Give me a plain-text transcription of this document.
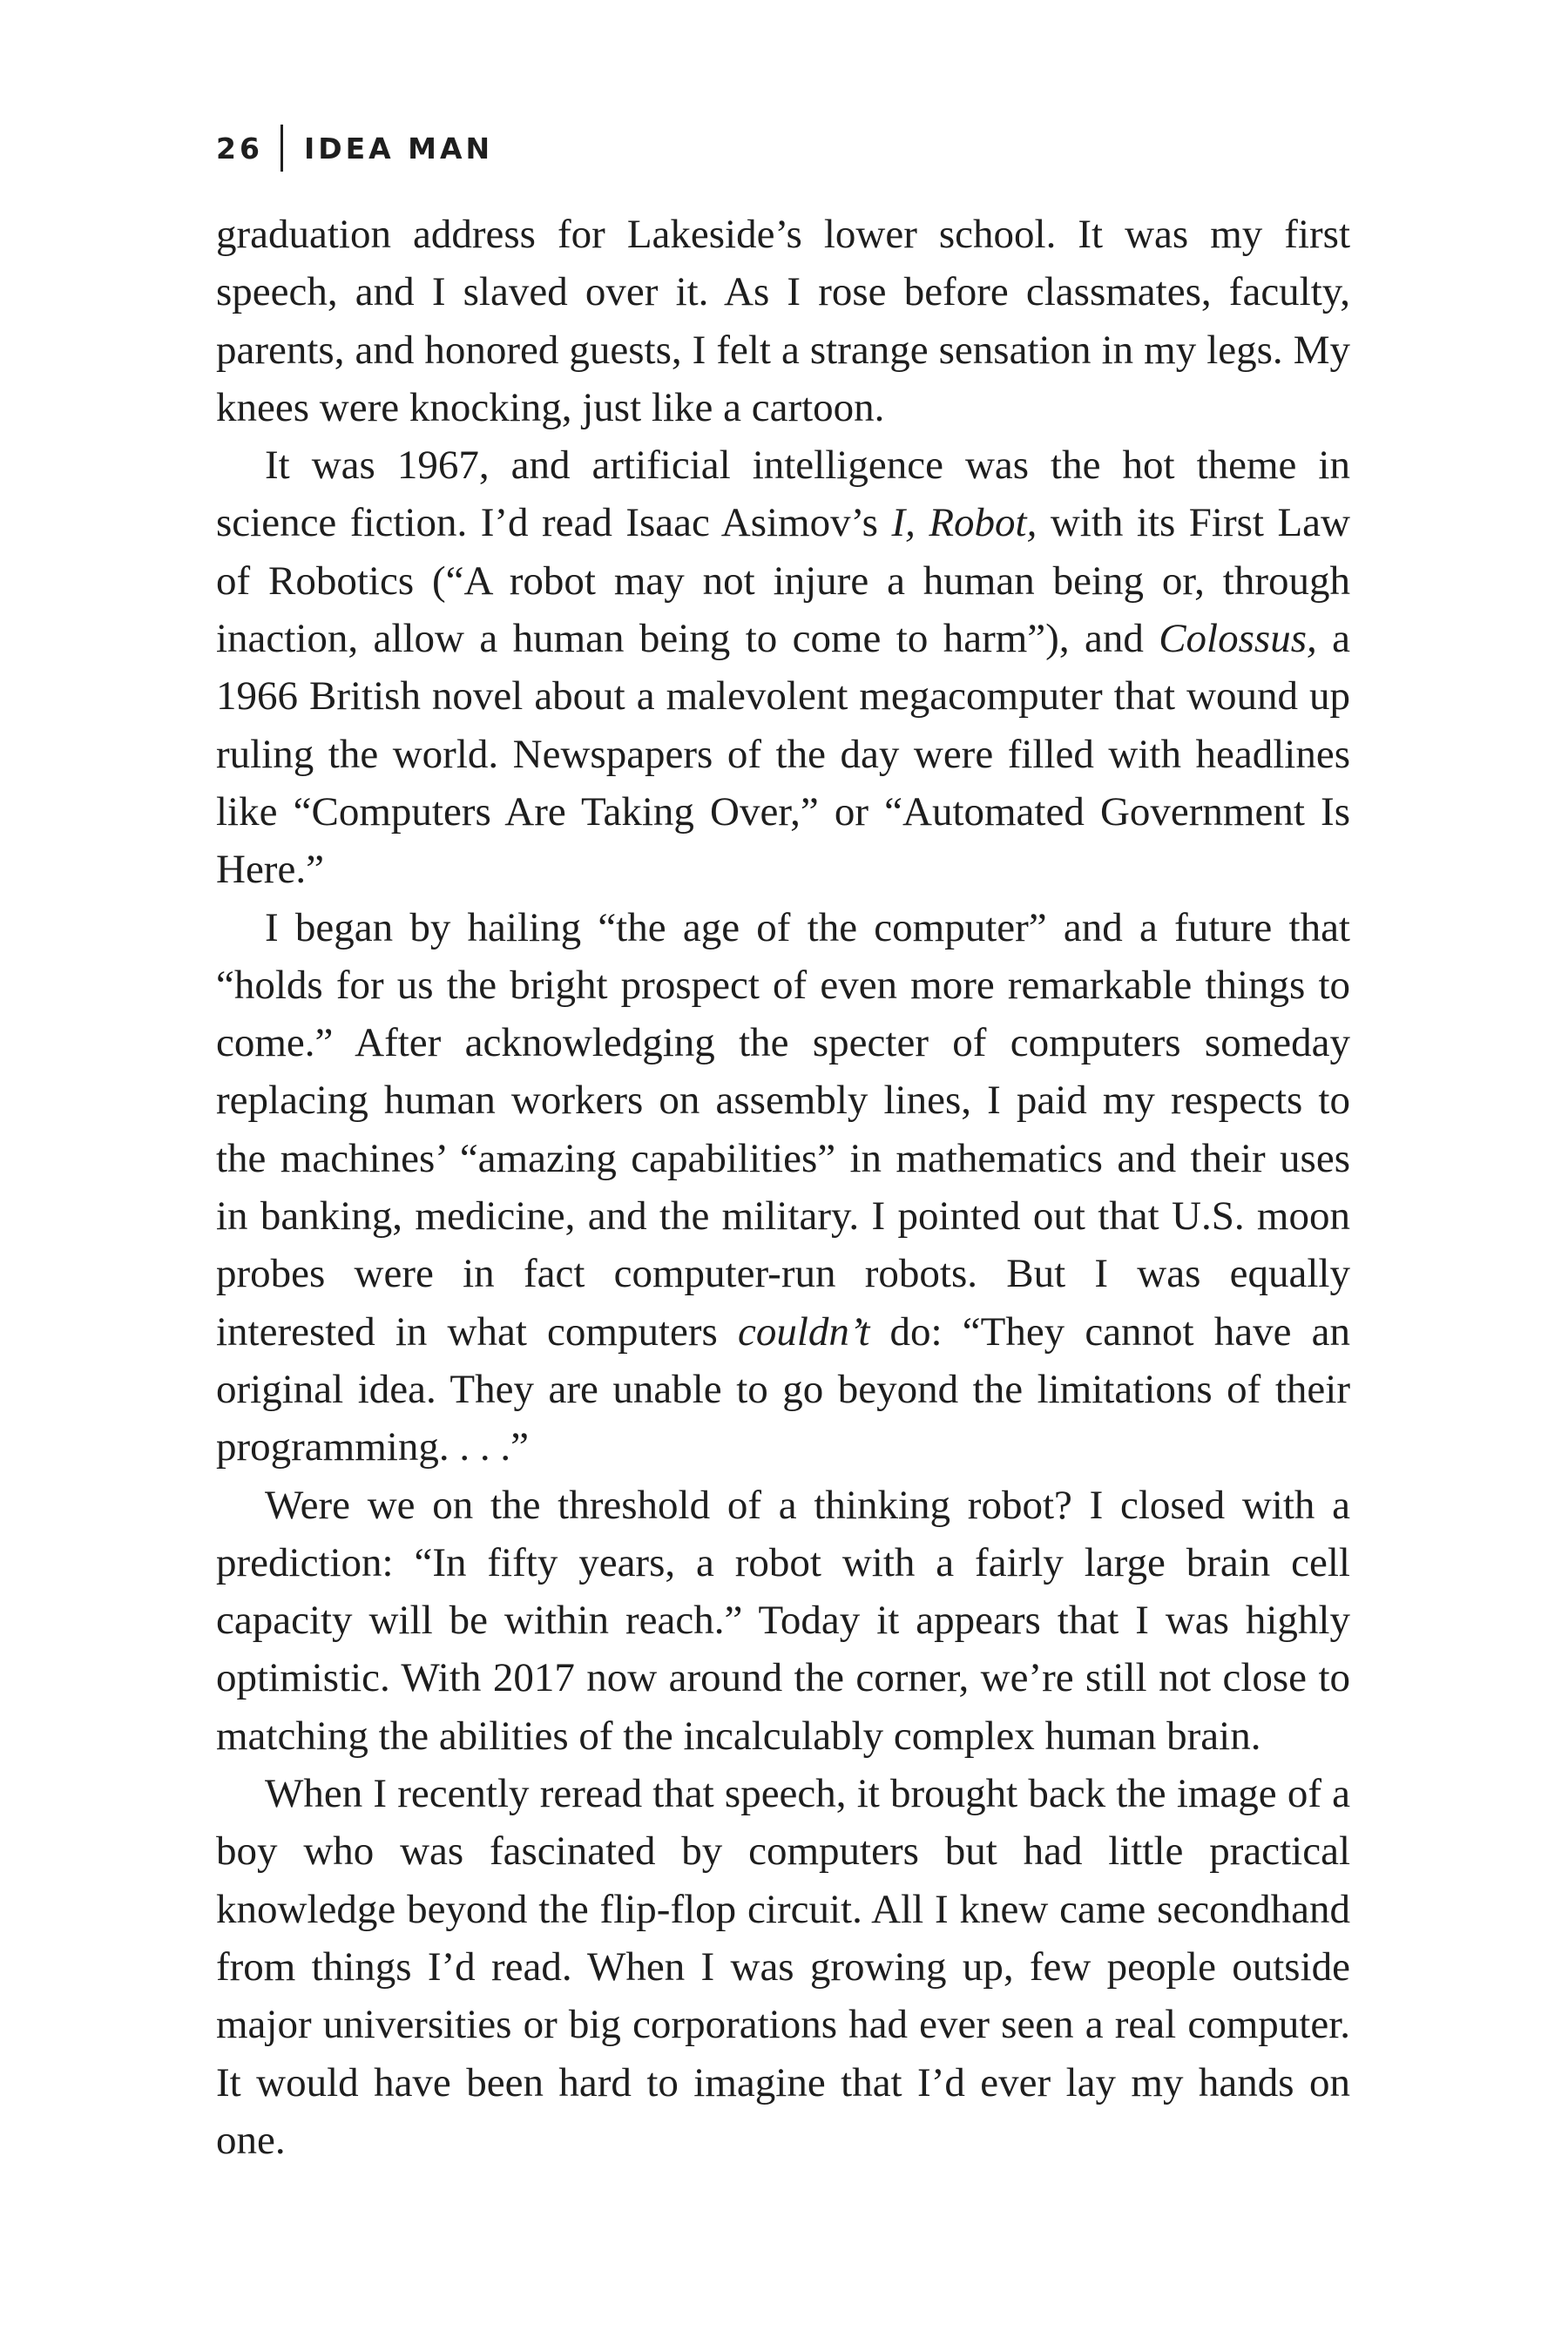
26 IDEA MAN

graduation address for Lakeside’s lower school. It was my first speech, and I slaved over it. As I rose before classmates, faculty, parents, and honored guests, I felt a strange sensation in my legs. My knees were knocking, just like a cartoon.

It was 1967, and artificial intelligence was the hot theme in science fiction. I’d read Isaac Asimov’s I, Robot, with its First Law of Robotics (“A robot may not injure a human being or, through inaction, allow a human being to come to harm”), and Colossus, a 1966 British novel about a malevolent megacomputer that wound up ruling the world. Newspapers of the day were filled with headlines like “Computers Are Taking Over,” or “Automated Government Is Here.”

I began by hailing “the age of the computer” and a future that “holds for us the bright prospect of even more remarkable things to come.” After acknowledging the specter of computers someday replacing human workers on assembly lines, I paid my respects to the machines’ “amazing capabilities” in mathematics and their uses in banking, medicine, and the military. I pointed out that U.S. moon probes were in fact computer-run robots. But I was equally interested in what computers couldn’t do: “They cannot have an original idea. They are unable to go beyond the limitations of their programming. . . .”

Were we on the threshold of a thinking robot? I closed with a prediction: “In fifty years, a robot with a fairly large brain cell capacity will be within reach.” Today it appears that I was highly optimistic. With 2017 now around the corner, we’re still not close to matching the abilities of the incalculably complex human brain.

When I recently reread that speech, it brought back the image of a boy who was fascinated by computers but had little practical knowledge beyond the flip-flop circuit. All I knew came secondhand from things I’d read. When I was growing up, few people outside major universities or big corporations had ever seen a real computer. It would have been hard to imagine that I’d ever lay my hands on one.
